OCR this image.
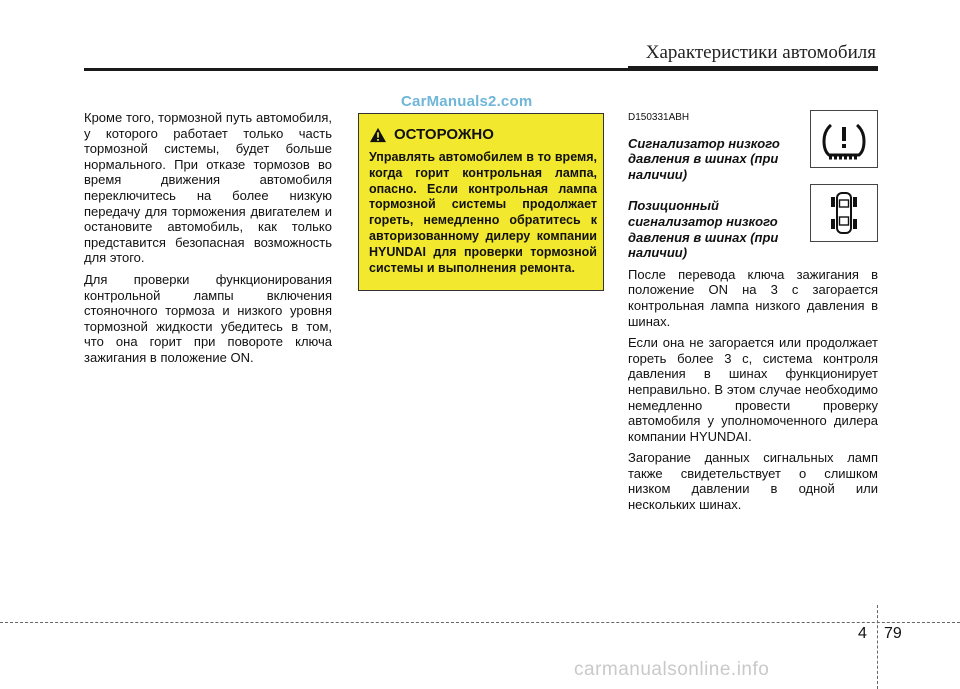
Характеристики автомобиля
CarManuals2.com

Кроме того, тормозной путь автомобиля, у которого работает только часть тормозной системы, будет больше нормального. При отказе тормозов во время движения автомобиля переключитесь на более низкую передачу для торможения двигателем и остановите автомобиль, как только представится безопасная возможность для этого.

Для проверки функционирования контрольной лампы включения стояночного тормоза и низкого уровня тормозной жидкости убедитесь в том, что она горит при повороте ключа зажигания в положение ON.

ОСТОРОЖНО
Управлять автомобилем в то время, когда горит контрольная лампа, опасно. Если контрольная лампа тормозной системы продолжает гореть, немедленно обратитесь к авторизованному дилеру компании HYUNDAI для проверки тормозной системы и выполнения ремонта.
D150331ABH
Сигнализатор низкого давления в шинах (при наличии)
Позиционный сигнализатор низкого давления в шинах (при наличии)

После перевода ключа зажигания в положение ON на 3 с загорается контрольная лампа низкого давления в шинах.

Если она не загорается или продолжает гореть более 3 с, система контроля давления в шинах функционирует неправильно. В этом случае необходимо немедленно провести проверку автомобиля у уполномоченного дилера компании HYUNDAI.

Загорание данных сигнальных ламп также свидетельствует о слишком низком давлении в одной или нескольких шинах.

4 79
carmanualsonline.info
